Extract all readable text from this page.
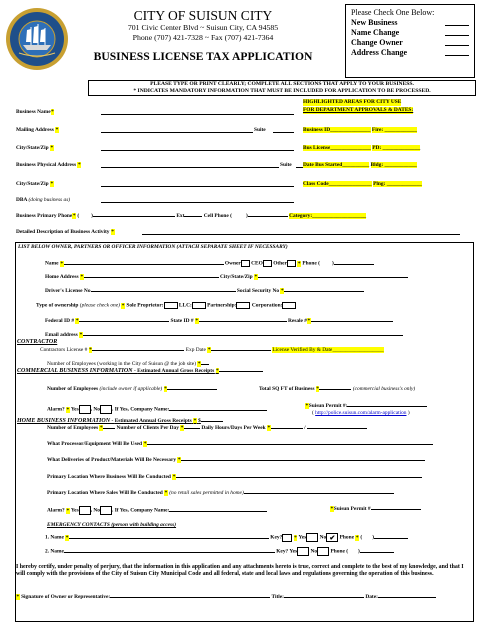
CITY OF SUISUN CITY
701 Civic Center Blvd ~ Suisun City, CA 94585
Phone (707) 421-7328 ~ Fax (707) 421-7364
BUSINESS LICENSE TAX APPLICATION
Please Check One Below:
New Business
Name Change
Change Owner
Address Change
PLEASE TYPE OR PRINT CLEARLY; COMPLETE ALL SECTIONS THAT APPLY TO YOUR BUSINESS.
* INDICATES MANDATORY INFORMATION THAT MUST BE INCLUDED FOR APPLICATION TO BE PROCESSED.
Business Name*
Mailing Address *	Suite
City/State/Zip *
Business Physical Address *	Suite
City/State/Zip *
DBA (doing business as)
HIGHLIGHTED AREAS FOR CITY USE
FOR DEPARTMENT APPROVALS & DATES:
Business ID_______________ Fire: ____________
Bus License_______________ PD: ______________
Date Bus Started__________ Bldg: ____________
Class Code________________ Plng: _____________
Business Primary Phone* ( )	Ext	Cell Phone (	)	Category:____________________
Detailed Description of Business Activity *
LIST BELOW OWNER, PARTNERS OR OFFICER INFORMATION (ATTACH SEPARATE SHEET IF NECESSARY)
Name *	Owner CEO Other * Phone ( )
Home Address *	City/State/Zip *
Driver's License No	Social Security No *
Type of ownership (please check one) * Sole Proprietor:	LLC:	Partnership:	Corporation:
Federal ID # *	State ID # *	Resale #*
Email address *
CONTRACTOR
Contractors License # *	Exp Date *	License Verified By & Date___________________
Number of Employees (working in the City of Suisun @ the job site) *
COMMERCIAL BUSINESS INFORMATION - Estimated Annual Gross Receipts *
Number of Employees (include owner if applicable) *	Total SQ FT of Business *	(commercial business's only)
Alarm? * Yes , No . If Yes, Company Name:
*Suisun Permit #:
( http://police.suisun.com/alarm-application )
HOME BUSINESS INFORMATION - Estimated Annual Gross Receipts * $
Number of Employees *	Number of Clients Per Day *	Daily Hours/Days Per Week *	/
What Processor/Equipment Will Be Used *
What Deliveries of Product/Materials Will Be Necessary *
Primary Location Where Business Will Be Conducted *
Primary Location Where Sales Will Be Conducted * (no retail sales permitted in home)
Alarm? * Yes , No . If Yes, Company Name:	*Suisun Permit #
EMERGENCY CONTACTS (person with building access)
1. Name *	Key? * Yes No ✔ Phone * ( )
2. Name	Key? Yes No Phone ( )
I hereby certify, under penalty of perjury, that the information in this application and any attachments hereto is true, correct and complete to the best of my knowledge, and that I will comply with the provisions of the City of Suisun City Municipal Code and all federal, state and local laws and regulations governing the operation of this business.
* Signature of Owner or Representative:	Title:	Date:
